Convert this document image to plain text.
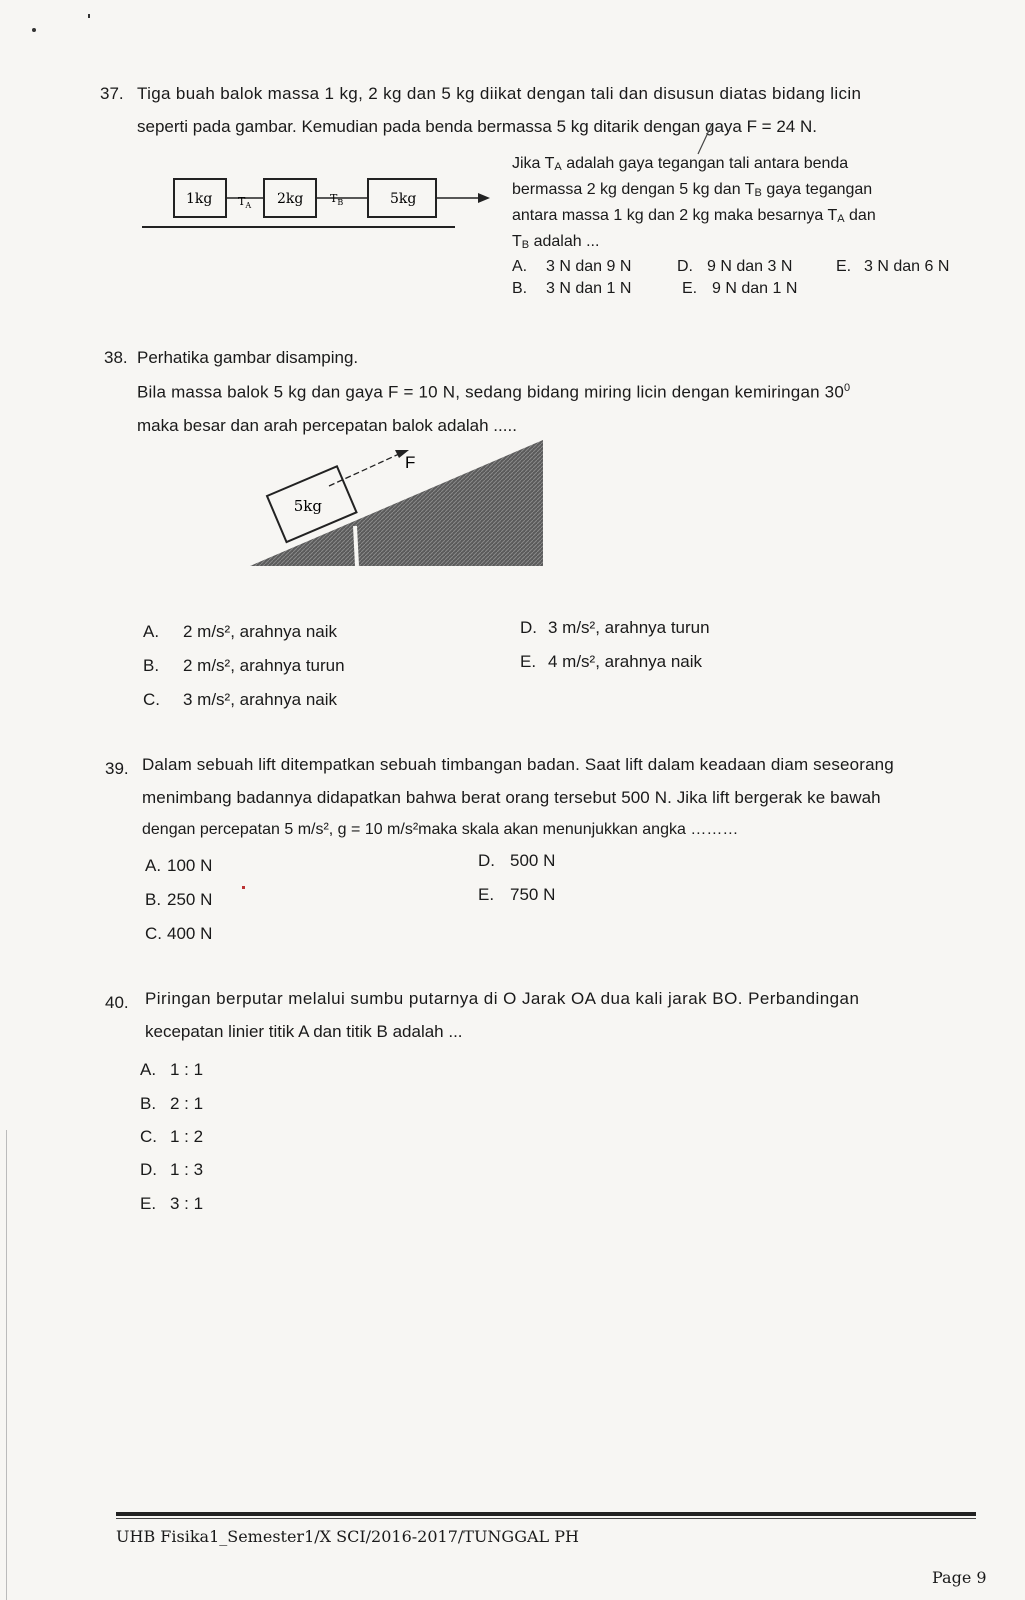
37. Tiga buah balok massa 1 kg, 2 kg dan 5 kg diikat dengan tali dan disusun diatas bidang licin
seperti pada gambar. Kemudian pada benda bermassa 5 kg ditarik dengan gaya F = 24 N.
1kg	2kg	5kg
$T_A$
$T_B$
Jika $T_A$ adalah gaya tegangan tali antara benda
bermassa 2 kg dengan 5 kg dan $T_B$ gaya tegangan
antara massa 1 kg dan 2 kg maka besarnya $T_A$ dan
$T_B$ adalah ...
A. 3 N dan 9 N	D. 9 N dan 3 N	E. 3 N dan 6 N
B. 3 N dan 1 N	E. 9 N dan 1 N
38. Perhatika gambar disamping.
Bila massa balok 5 kg dan gaya F = 10 N, sedang bidang miring licin dengan kemiringan $30^0$
maka besar dan arah percepatan balok adalah .....
5kg
F
A. 2 m/s², arahnya naik	D. 3 m/s², arahnya turun
B. 2 m/s², arahnya turun	E. 4 m/s², arahnya naik
C. 3 m/s², arahnya naik
39. Dalam sebuah lift ditempatkan sebuah timbangan badan. Saat lift dalam keadaan diam seseorang
menimbang badannya didapatkan bahwa berat orang tersebut 500 N. Jika lift bergerak ke bawah
dengan percepatan 5 m/s², g = 10 m/s²maka skala akan menunjukkan angka ………
A. 100 N	D. 500 N
B. 250 N	E. 750 N
C. 400 N
40. Piringan berputar melalui sumbu putarnya di O Jarak OA dua kali jarak BO. Perbandingan
kecepatan linier titik A dan titik B adalah ...
A. 1 : 1
B. 2 : 1
C. 1 : 2
D. 1 : 3
E. 3 : 1
UHB Fisika1_Semester1/X SCI/2016-2017/TUNGGAL PH
Page 9
